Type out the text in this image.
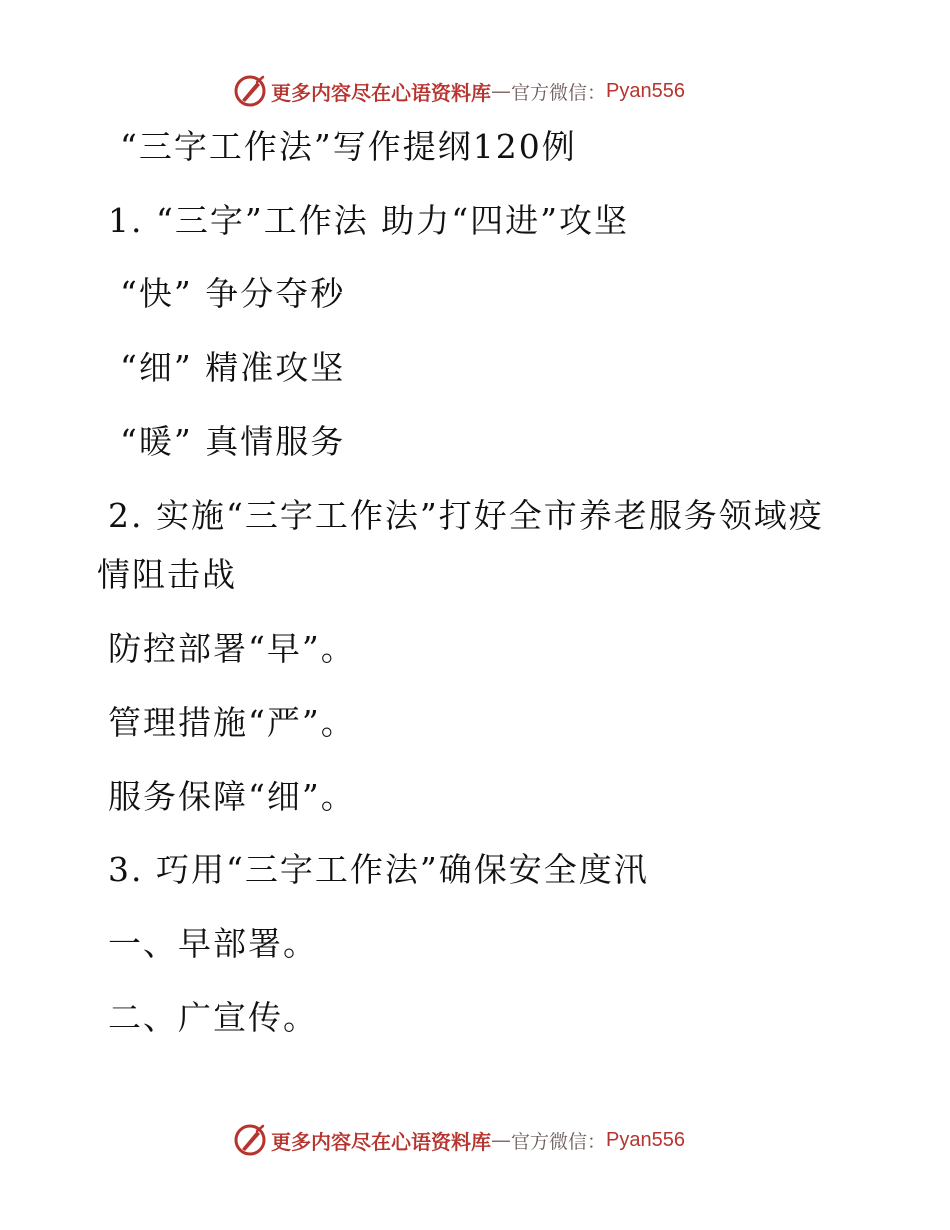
更多内容尽在心语资料库 — 官方微信： Pyan556
“三字工作法”写作提纲120例
1. “三字”工作法 助力“四进”攻坚
“快” 争分夺秒
“细” 精准攻坚
“暖” 真情服务
2. 实施“三字工作法”打好全市养老服务领域疫
情阻击战
防控部署“早”。
管理措施“严”。
服务保障“细”。
3. 巧用“三字工作法”确保安全度汛
一、早部署。
二、广宣传。
更多内容尽在心语资料库 — 官方微信： Pyan556
